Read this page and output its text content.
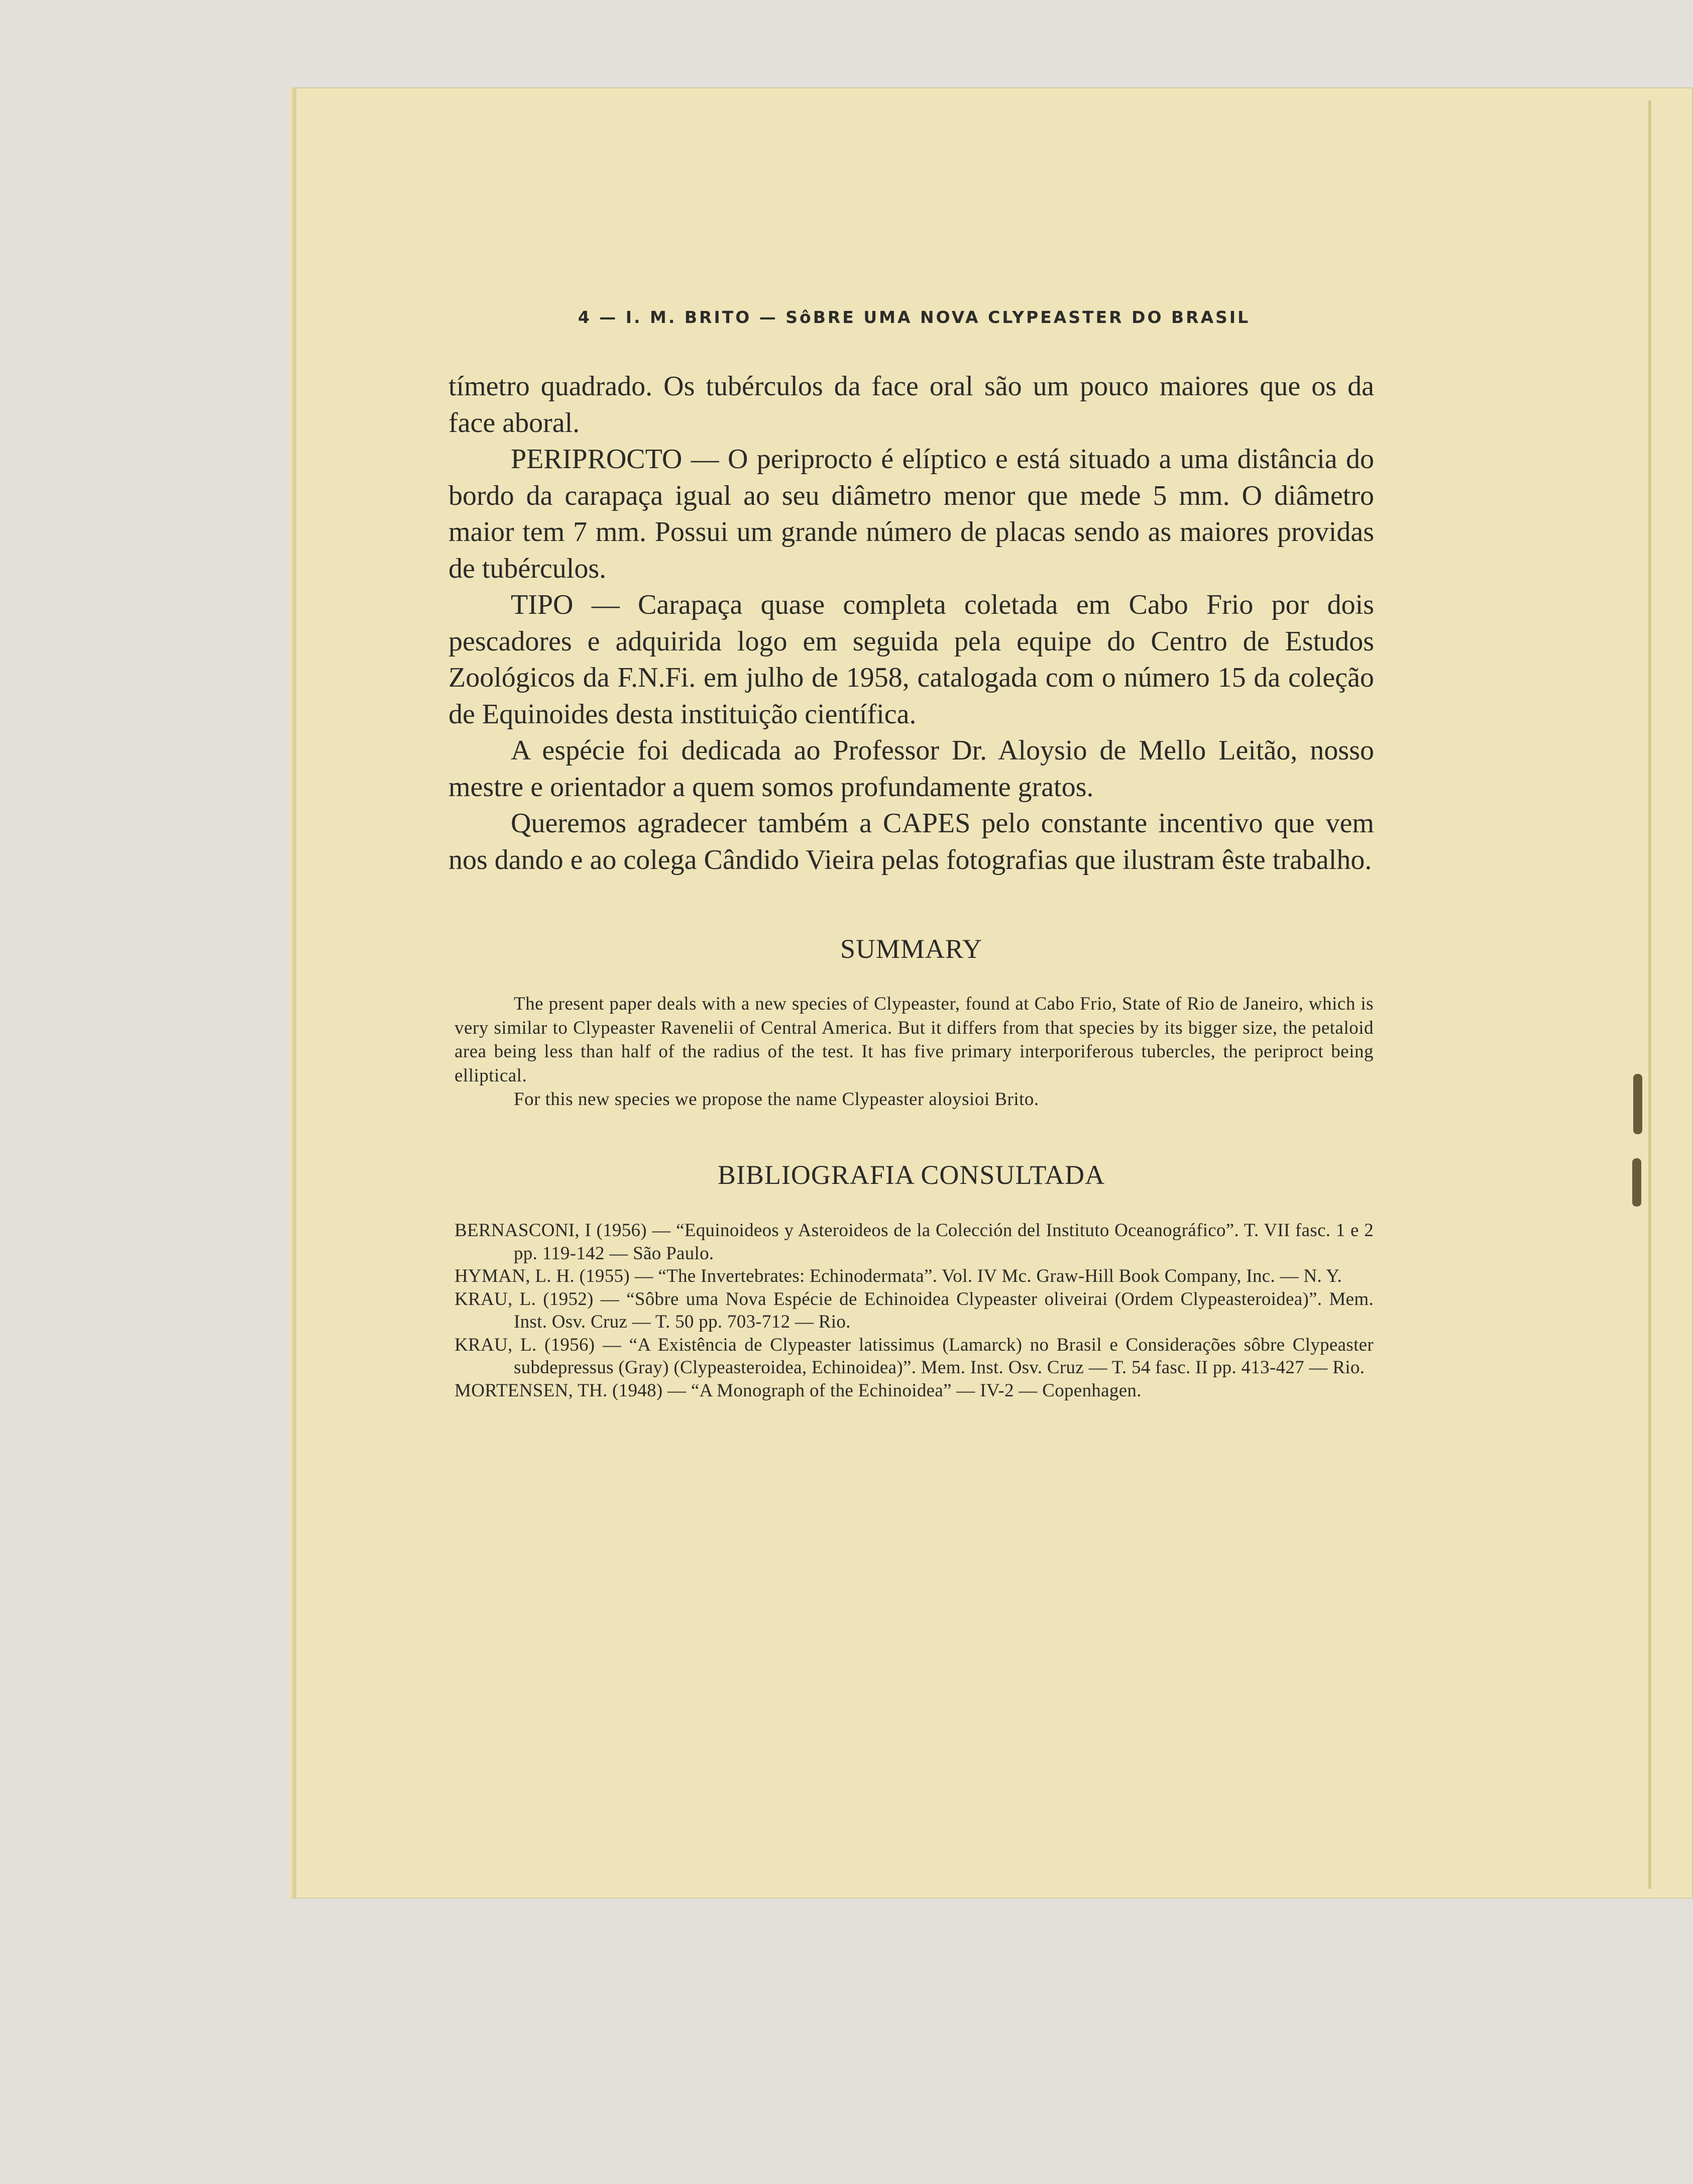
4 — I. M. BRITO — SôBRE UMA NOVA CLYPEASTER DO BRASIL

tímetro quadrado. Os tubérculos da face oral são um pouco maiores que os da face aboral.

PERIPROCTO — O periprocto é elíptico e está situado a uma distância do bordo da carapaça igual ao seu diâmetro menor que mede 5 mm. O diâmetro maior tem 7 mm. Possui um grande número de placas sendo as maiores providas de tubérculos.

TIPO — Carapaça quase completa coletada em Cabo Frio por dois pescadores e adquirida logo em seguida pela equipe do Centro de Estudos Zoológicos da F.N.Fi. em julho de 1958, catalogada com o número 15 da coleção de Equinoides desta instituição científica.

A espécie foi dedicada ao Professor Dr. Aloysio de Mello Leitão, nosso mestre e orientador a quem somos profundamente gratos.

Queremos agradecer também a CAPES pelo constante incentivo que vem nos dando e ao colega Cândido Vieira pelas fotografias que ilustram êste trabalho.

SUMMARY

The present paper deals with a new species of Clypeaster, found at Cabo Frio, State of Rio de Janeiro, which is very similar to Clypeaster Ravenelii of Central America. But it differs from that species by its bigger size, the petaloid area being less than half of the radius of the test. It has five primary interporiferous tubercles, the periproct being elliptical.

For this new species we propose the name Clypeaster aloysioi Brito.

BIBLIOGRAFIA CONSULTADA

BERNASCONI, I (1956) — “Equinoideos y Asteroideos de la Colección del Instituto Oceanográfico”. T. VII fasc. 1 e 2 pp. 119-142 — São Paulo.

HYMAN, L. H. (1955) — “The Invertebrates: Echinodermata”. Vol. IV Mc. Graw-Hill Book Company, Inc. — N. Y.

KRAU, L. (1952) — “Sôbre uma Nova Espécie de Echinoidea Clypeaster oliveirai (Ordem Clypeasteroidea)”. Mem. Inst. Osv. Cruz — T. 50 pp. 703-712 — Rio.

KRAU, L. (1956) — “A Existência de Clypeaster latissimus (Lamarck) no Brasil e Considerações sôbre Clypeaster subdepressus (Gray) (Clypeasteroidea, Echinoidea)”. Mem. Inst. Osv. Cruz — T. 54 fasc. II pp. 413-427 — Rio.

MORTENSEN, TH. (1948) — “A Monograph of the Echinoidea” — IV-2 — Copenhagen.
